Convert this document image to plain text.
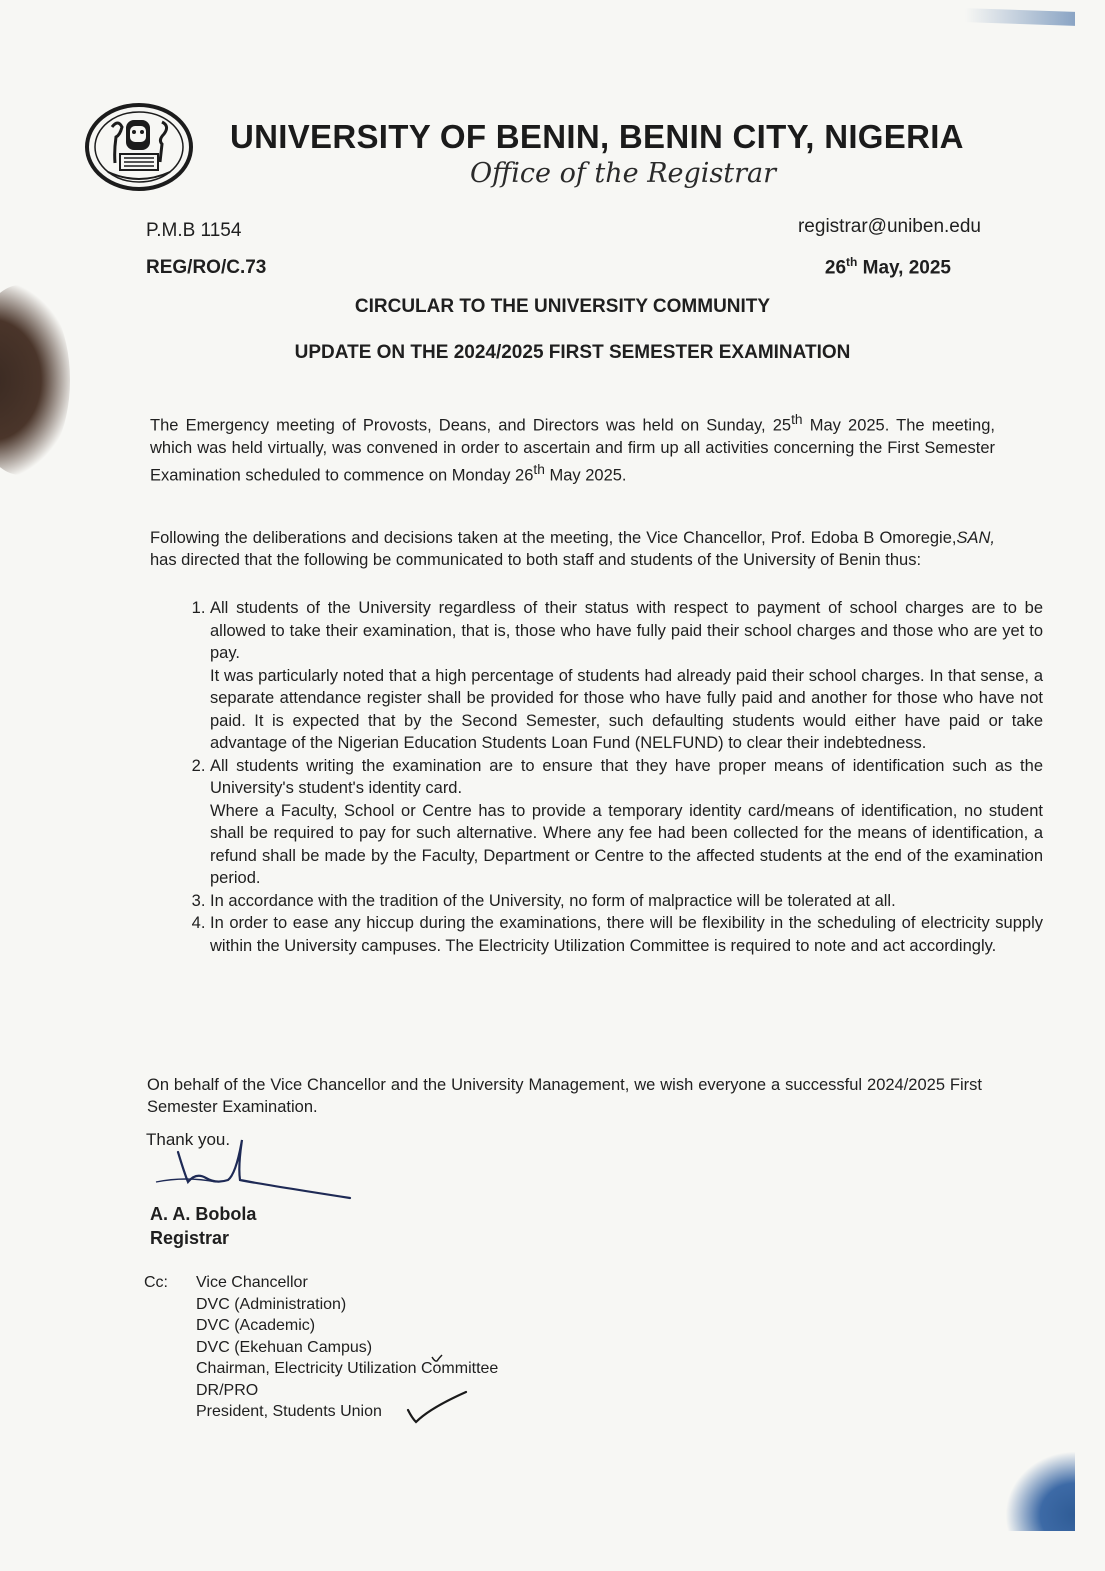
UNIVERSITY OF BENIN, BENIN CITY, NIGERIA

Office of the Registrar

P.M.B 1154
REG/RO/C.73
registrar@uniben.edu
26th May, 2025
CIRCULAR TO THE UNIVERSITY COMMUNITY
UPDATE ON THE 2024/2025 FIRST SEMESTER EXAMINATION

The Emergency meeting of Provosts, Deans, and Directors was held on Sunday, 25th May 2025. The meeting, which was held virtually, was convened in order to ascertain and firm up all activities concerning the First Semester Examination scheduled to commence on Monday 26th May 2025.

Following the deliberations and decisions taken at the meeting, the Vice Chancellor, Prof. Edoba B Omoregie,SAN, has directed that the following be communicated to both staff and students of the University of Benin thus:

1. All students of the University regardless of their status with respect to payment of school charges are to be allowed to take their examination, that is, those who have fully paid their school charges and those who are yet to pay.
It was particularly noted that a high percentage of students had already paid their school charges. In that sense, a separate attendance register shall be provided for those who have fully paid and another for those who have not paid. It is expected that by the Second Semester, such defaulting students would either have paid or take advantage of the Nigerian Education Students Loan Fund (NELFUND) to clear their indebtedness.
2. All students writing the examination are to ensure that they have proper means of identification such as the University's student's identity card.
Where a Faculty, School or Centre has to provide a temporary identity card/means of identification, no student shall be required to pay for such alternative. Where any fee had been collected for the means of identification, a refund shall be made by the Faculty, Department or Centre to the affected students at the end of the examination period.
3. In accordance with the tradition of the University, no form of malpractice will be tolerated at all.
4. In order to ease any hiccup during the examinations, there will be flexibility in the scheduling of electricity supply within the University campuses. The Electricity Utilization Committee is required to note and act accordingly.

On behalf of the Vice Chancellor and the University Management, we wish everyone a successful 2024/2025 First Semester Examination.

Thank you.
A. A. Bobola
Registrar
Cc: Vice Chancellor
DVC (Administration)
DVC (Academic)
DVC (Ekehuan Campus)
Chairman, Electricity Utilization Committee
DR/PRO
President, Students Union
